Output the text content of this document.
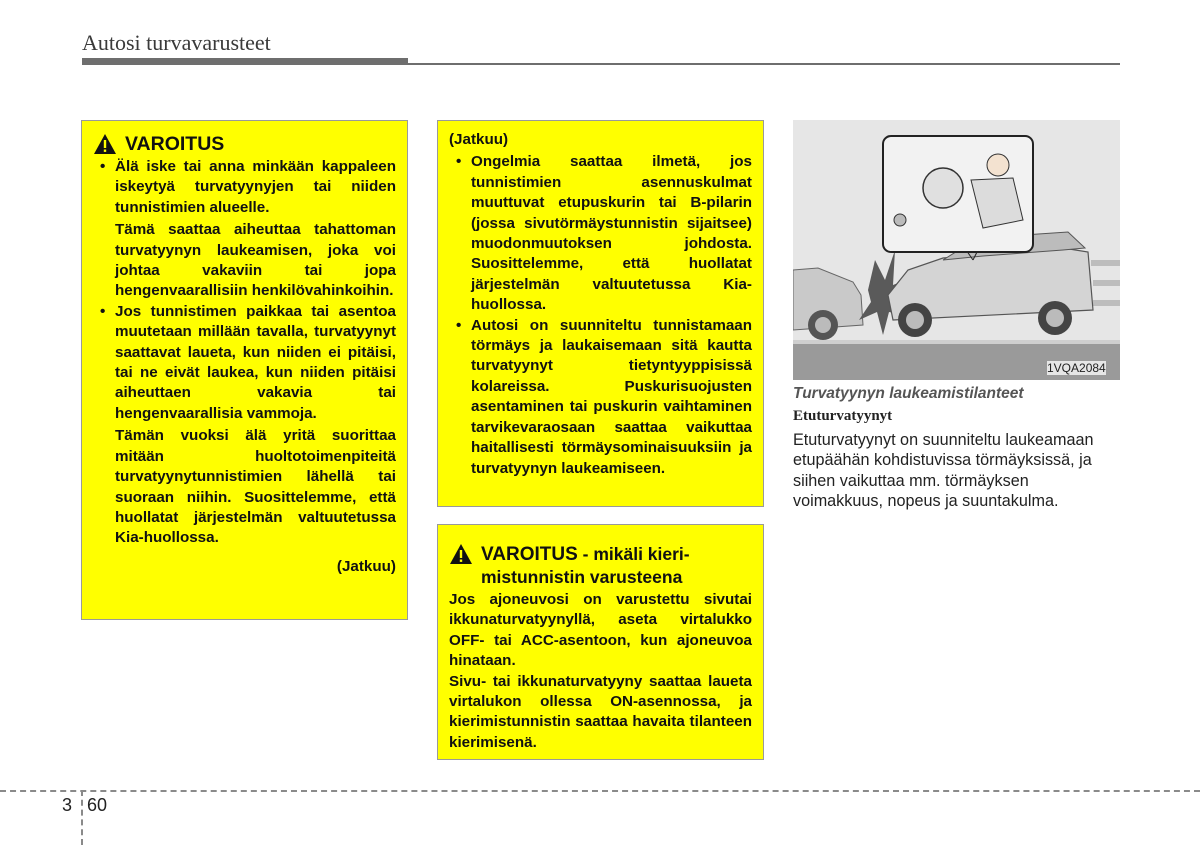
Autosi turvavarusteet
VAROITUS
• Älä iske tai anna minkään kappaleen iskeytyä turvatyynyjen tai niiden tunnistimien alueelle.
Tämä saattaa aiheuttaa tahattoman turvatyynyn laukeamisen, joka voi johtaa vakaviin tai jopa hengenvaarallisiin henkilövahinkoihin.
• Jos tunnistimen paikkaa tai asentoa muutetaan millään tavalla, turvatyynyt saattavat laueta, kun niiden ei pitäisi, tai ne eivät laukea, kun niiden pitäisi aiheuttaen vakavia tai hengenvaarallisia vammoja.
Tämän vuoksi älä yritä suorittaa mitään huoltotoimenpiteitä turvatyynytunnistimien lähellä tai suoraan niihin. Suosittelemme, että huollatat järjestelmän valtuutetussa Kia-huollossa.
(Jatkuu)
(Jatkuu)
• Ongelmia saattaa ilmetä, jos tunnistimien asennuskulmat muuttuvat etupuskurin tai B-pilarin (jossa sivutörmäystunnistin sijaitsee) muodonmuutoksen johdosta. Suosittelemme, että huollatat järjestelmän valtuutetussa Kia-huollossa.
• Autosi on suunniteltu tunnistamaan törmäys ja laukaisemaan sitä kautta turvatyynyt tietyntyyppisissä kolareissa. Puskurisuojusten asentaminen tai puskurin vaihtaminen tarvikevaraosaan saattaa vaikuttaa haitallisesti törmäysominaisuuksiin ja turvatyynyn laukeamiseen.
VAROITUS - mikäli kieri-
mistunnistin varusteena
Jos ajoneuvosi on varustettu sivutai ikkunaturvatyynyllä, aseta virtalukko OFF- tai ACC-asentoon, kun ajoneuvoa hinataan.
Sivu- tai ikkunaturvatyyny saattaa laueta virtalukon ollessa ON-asennossa, ja kierimistunnistin saattaa havaita tilanteen kierimisenä.
1VQA2084
Turvatyynyn laukeamistilanteet
Etuturvatyynyt
Etuturvatyynyt on suunniteltu laukeamaan etupäähän kohdistuvissa törmäyksissä, ja siihen vaikuttaa mm. törmäyksen voimakkuus, nopeus ja suuntakulma.
3 60
